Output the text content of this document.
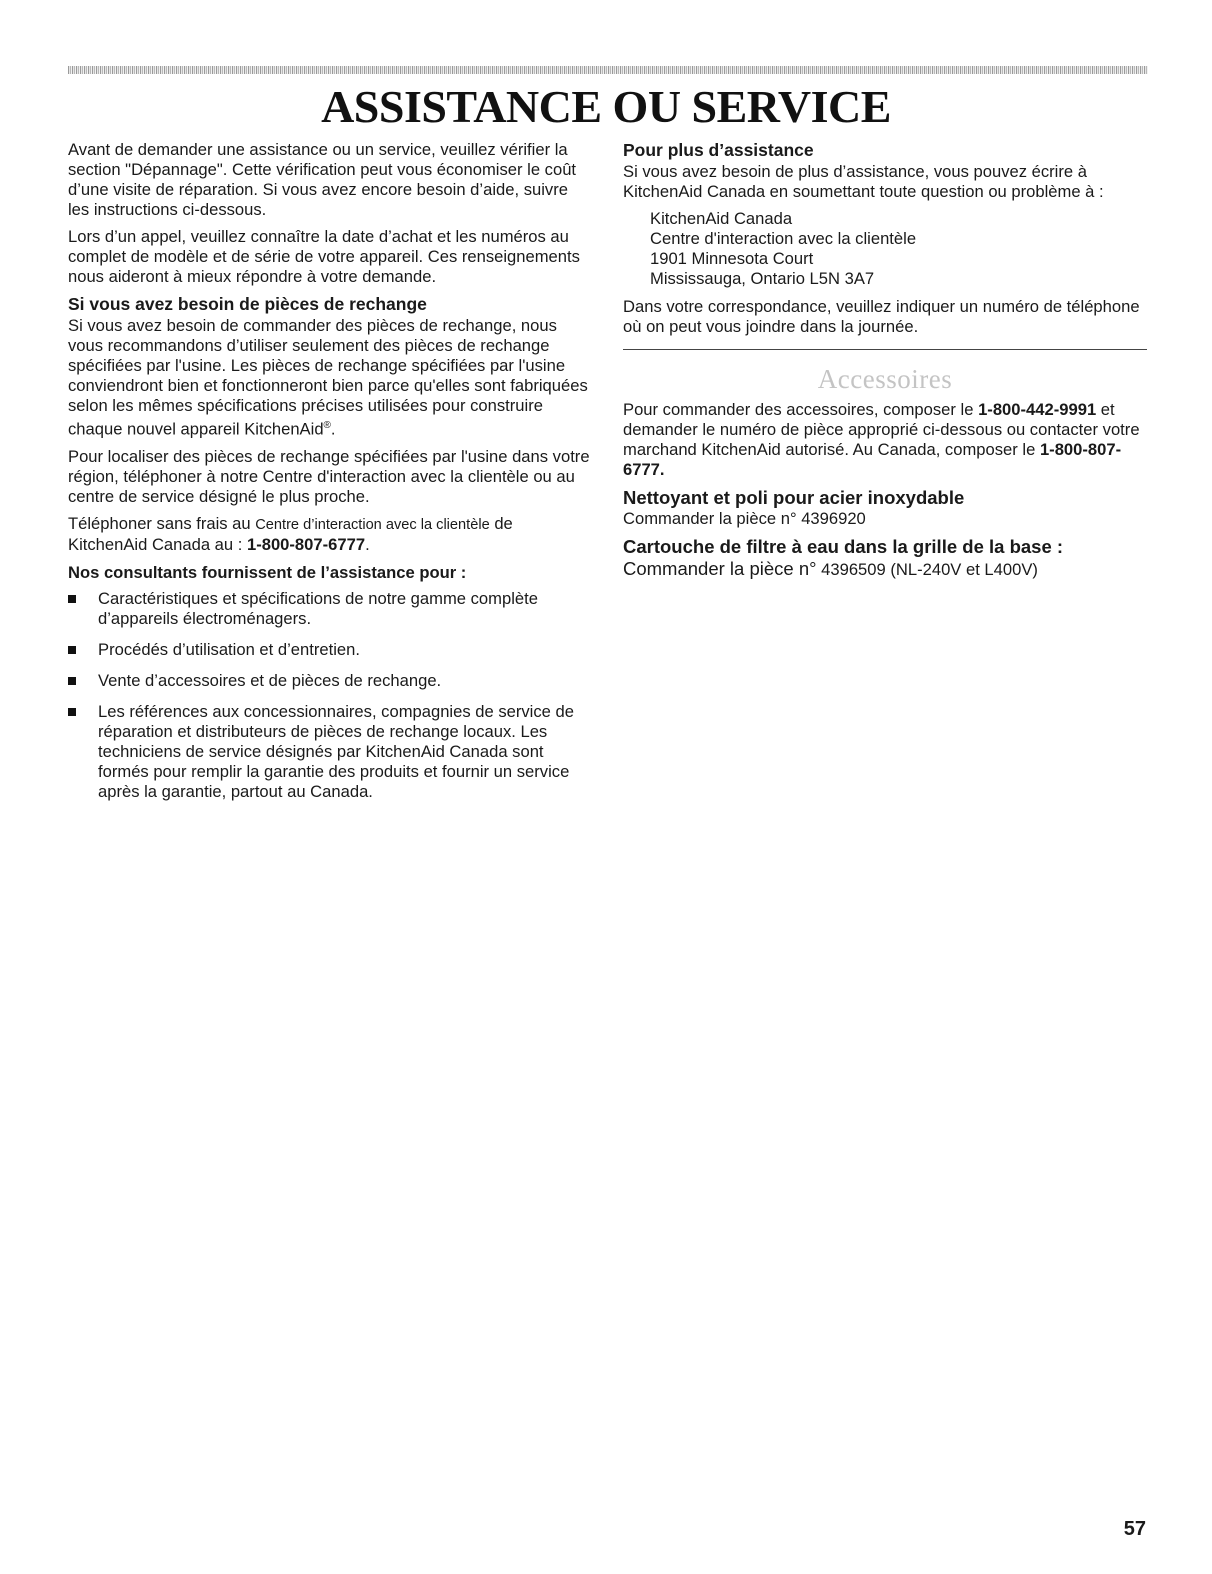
ASSISTANCE OU SERVICE

Avant de demander une assistance ou un service, veuillez vérifier la section "Dépannage". Cette vérification peut vous économiser le coût d’une visite de réparation. Si vous avez encore besoin d’aide, suivre les instructions ci-dessous.

Lors d’un appel, veuillez connaître la date d’achat et les numéros au complet de modèle et de série de votre appareil. Ces renseignements nous aideront à mieux répondre à votre demande.

Si vous avez besoin de pièces de rechange

Si vous avez besoin de commander des pièces de rechange, nous vous recommandons d’utiliser seulement des pièces de rechange spécifiées par l'usine. Les pièces de rechange spécifiées par l'usine conviendront bien et fonctionneront bien parce qu'elles sont fabriquées selon les mêmes spécifications précises utilisées pour construire chaque nouvel appareil KitchenAid®.

Pour localiser des pièces de rechange spécifiées par l'usine dans votre région, téléphoner à notre Centre d'interaction avec la clientèle ou au centre de service désigné le plus proche.

Téléphoner sans frais au Centre d’interaction avec la clientèle de KitchenAid Canada au : 1-800-807-6777.

Nos consultants fournissent de l’assistance pour :
Caractéristiques et spécifications de notre gamme complète d’appareils électroménagers.
Procédés d’utilisation et d’entretien.
Vente d’accessoires et de pièces de rechange.
Les références aux concessionnaires, compagnies de service de réparation et distributeurs de pièces de rechange locaux. Les techniciens de service désignés par KitchenAid Canada sont formés pour remplir la garantie des produits et fournir un service après la garantie, partout au Canada.
Pour plus d’assistance

Si vous avez besoin de plus d’assistance, vous pouvez écrire à KitchenAid Canada en soumettant toute question ou problème à :

KitchenAid Canada
Centre d'interaction avec la clientèle
1901 Minnesota Court
Mississauga, Ontario L5N 3A7

Dans votre correspondance, veuillez indiquer un numéro de téléphone où on peut vous joindre dans la journée.

Accessoires

Pour commander des accessoires, composer le 1-800-442-9991 et demander le numéro de pièce approprié ci-dessous ou contacter votre marchand KitchenAid autorisé. Au Canada, composer le 1-800-807-6777.

Nettoyant et poli pour acier inoxydable

Commander la pièce n° 4396920

Cartouche de filtre à eau dans la grille de la base :

Commander la pièce n° 4396509 (NL-240V et L400V)

57
